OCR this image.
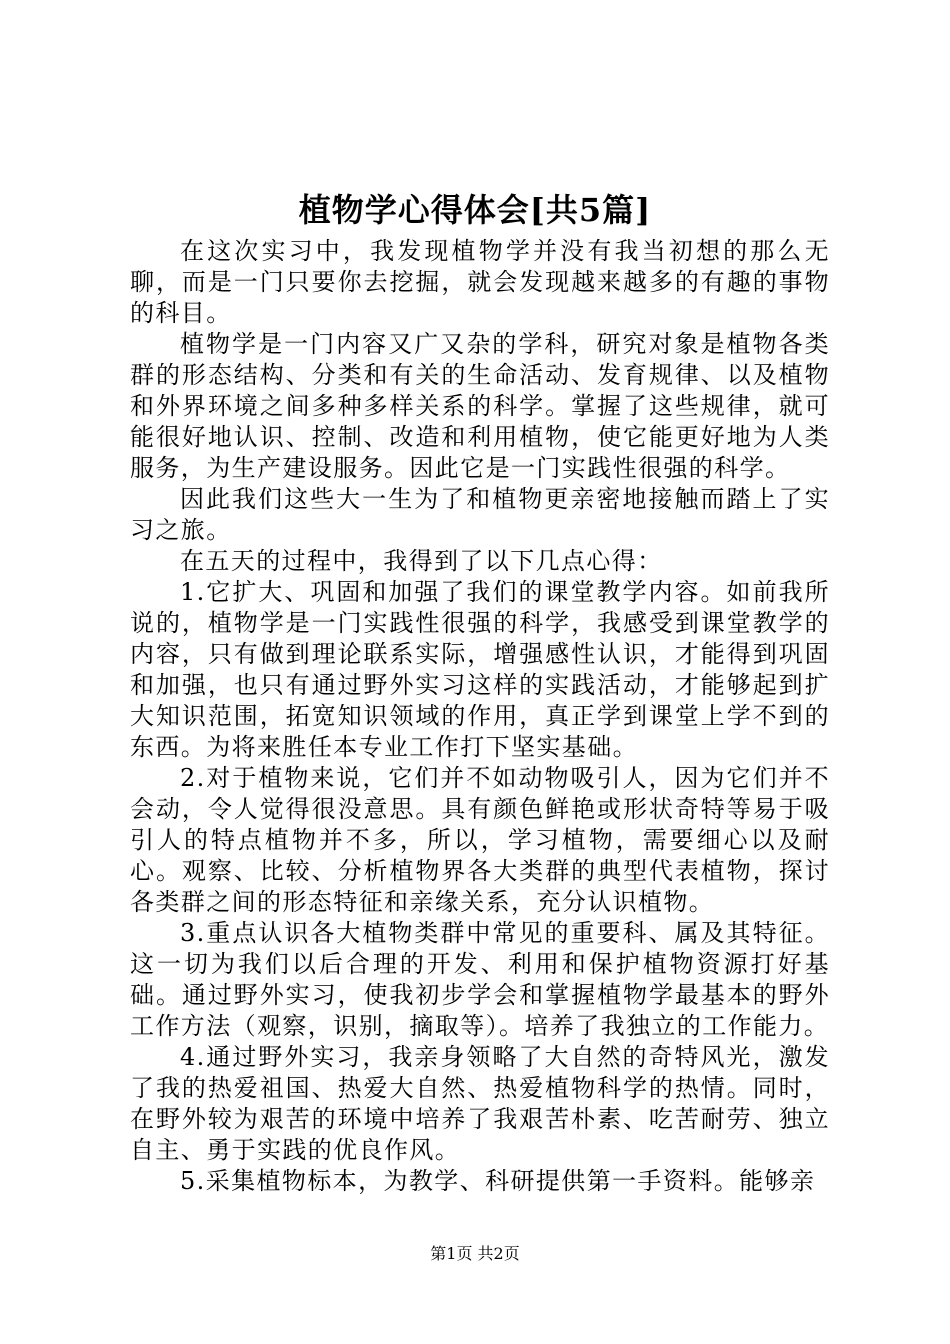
植物学心得体会[共5篇]

在这次实习中，我发现植物学并没有我当初想的那么无聊，而是一门只要你去挖掘，就会发现越来越多的有趣的事物的科目。

植物学是一门内容又广又杂的学科，研究对象是植物各类群的形态结构、分类和有关的生命活动、发育规律、以及植物和外界环境之间多种多样关系的科学。掌握了这些规律，就可能很好地认识、控制、改造和利用植物，使它能更好地为人类服务，为生产建设服务。因此它是一门实践性很强的科学。

因此我们这些大一生为了和植物更亲密地接触而踏上了实习之旅。

在五天的过程中，我得到了以下几点心得：

1.它扩大、巩固和加强了我们的课堂教学内容。如前我所说的，植物学是一门实践性很强的科学，我感受到课堂教学的内容，只有做到理论联系实际，增强感性认识，才能得到巩固和加强，也只有通过野外实习这样的实践活动，才能够起到扩大知识范围，拓宽知识领域的作用，真正学到课堂上学不到的东西。为将来胜任本专业工作打下坚实基础。

2.对于植物来说，它们并不如动物吸引人，因为它们并不会动，令人觉得很没意思。具有颜色鲜艳或形状奇特等易于吸引人的特点植物并不多，所以，学习植物，需要细心以及耐心。观察、比较、分析植物界各大类群的典型代表植物，探讨各类群之间的形态特征和亲缘关系，充分认识植物。

3.重点认识各大植物类群中常见的重要科、属及其特征。这一切为我们以后合理的开发、利用和保护植物资源打好基础。通过野外实习，使我初步学会和掌握植物学最基本的野外工作方法（观察，识别，摘取等）。培养了我独立的工作能力。

4.通过野外实习，我亲身领略了大自然的奇特风光，激发了我的热爱祖国、热爱大自然、热爱植物科学的热情。同时，在野外较为艰苦的环境中培养了我艰苦朴素、吃苦耐劳、独立自主、勇于实践的优良作风。

5.采集植物标本，为教学、科研提供第一手资料。能够亲

第1页 共2页
